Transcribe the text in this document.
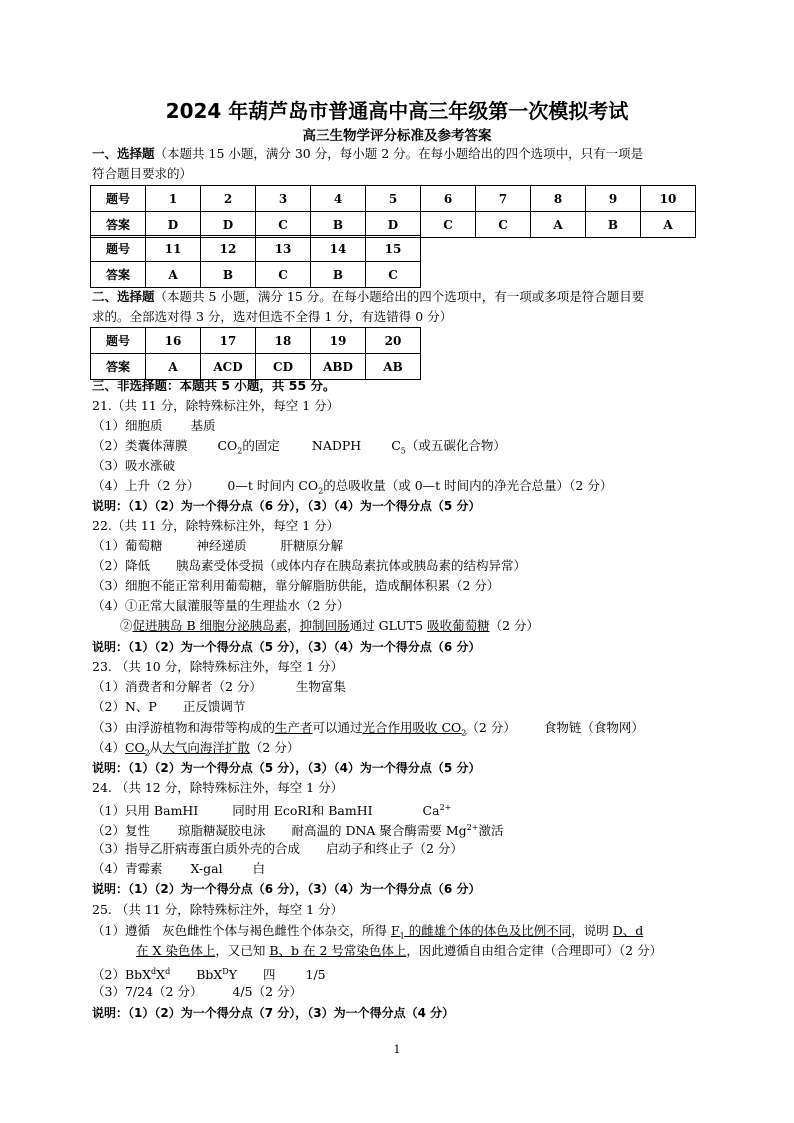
2024 年葫芦岛市普通高中高三年级第一次模拟考试
高三生物学评分标准及参考答案
一、选择题（本题共 15 小题，满分 30 分，每小题 2 分。在每小题给出的四个选项中，只有一项是
符合题目要求的）
题号	1	2	3	4	5	6	7	8	9	10
答案	D	D	C	B	D	C	C	A	B	A
题号	11	12	13	14	15
答案	A	B	C	B	C
二、选择题（本题共 5 小题，满分 15 分。在每小题给出的四个选项中，有一项或多项是符合题目要
求的。全部选对得 3 分，选对但选不全得 1 分，有选错得 0 分）
题号	16	17	18	19	20
答案	A	ACD	CD	ABD	AB
三、非选择题：本题共 5 小题，共 55 分。
21.（共 11 分，除特殊标注外，每空 1 分）
（1）细胞质 基质
（2）类囊体薄膜 $CO_2$的固定	NADPH $C_5$（或五碳化合物）
（3）吸水涨破
（4）上升（2 分） 0—t 时间内 $CO_2$的总吸收量（或 0—t 时间内的净光合总量）（2 分）
说明：（1）（2）为一个得分点（6 分），（3）（4）为一个得分点（5 分）
22.（共 11 分，除特殊标注外，每空 1 分）
（1）葡萄糖	神经递质	肝糖原分解
（2）降低 胰岛素受体受损（或体内存在胰岛素抗体或胰岛素的结构异常）
（3）细胞不能正常利用葡萄糖，靠分解脂肪供能，造成酮体积累（2 分）
（4）①正常大鼠灌服等量的生理盐水（2 分）
②促进胰岛 B 细胞分泌胰岛素，抑制回肠通过 GLUT5 吸收葡萄糖（2 分）
说明：（1）（2）为一个得分点（5 分），（3）（4）为一个得分点（6 分）
23. （共 10 分，除特殊标注外，每空 1 分）
（1）消费者和分解者（2 分）	生物富集
（2）N、P 正反馈调节
（3）由浮游植物和海带等构成的生产者可以通过光合作用吸收 $CO_2(2$ 分） 食物链（食物网）
$(4)CO_2$从大气向海洋扩散（2 分）
说明：（1）（2）为一个得分点（5 分），（3）（4）为一个得分点（5 分）
24. （共 12 分，除特殊标注外，每空 1 分）
（1）只用 BamHI	同时用 EcoRI和 BamHI	$Ca^{2+}$
（2）复性 琼脂糖凝胶电泳 耐高温的 DNA 聚合酶需要 $Mg^{2+}$激活
（3）指导乙肝病毒蛋白质外壳的合成 启动子和终止子（2 分）
（4）青霉素 X-gal 白
说明：（1）（2）为一个得分点（6 分），（3）（4）为一个得分点（6 分）
25. （共 11 分，除特殊标注外，每空 1 分）
（1）遵循 灰色雌性个体与褐色雌性个体杂交，所得 $F_1$ 的雌雄个体的体色及比例不同，说明 D、d
在 X 染色体上，又已知 B、b 在 2 号常染色体上，因此遵循自由组合定律（合理即可）（2 分）
$(2)BbX^dX^d$ BbX$^D$Y 四 1/5
（3）7/24（2 分） 4/5（2 分）
说明：（1）（2）为一个得分点（7 分），（3）为一个得分点（4 分）
1
